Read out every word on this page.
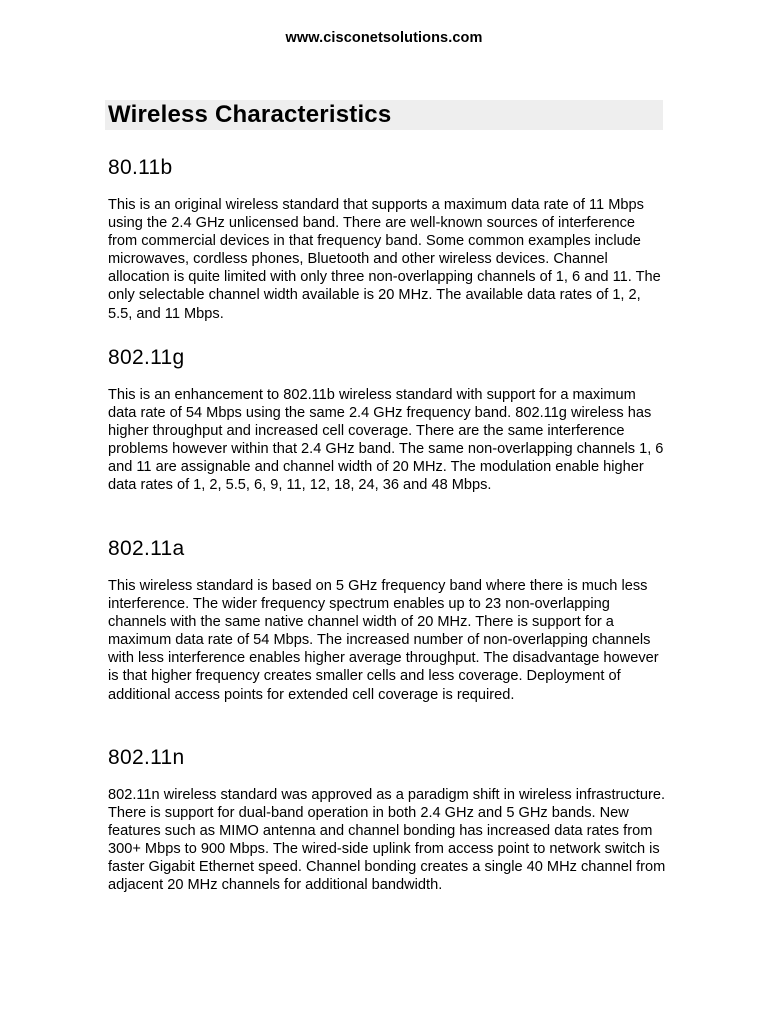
www.cisconetsolutions.com
Wireless Characteristics
80.11b

This is an original wireless standard that supports a maximum data rate of 11 Mbps using the 2.4 GHz unlicensed band. There are well-known sources of interference from commercial devices in that frequency band. Some common examples include microwaves, cordless phones, Bluetooth and other wireless devices. Channel allocation is quite limited with only three non-overlapping channels of 1, 6 and 11. The only selectable channel width available is 20 MHz. The available data rates of 1, 2, 5.5, and 11 Mbps.

802.11g

This is an enhancement to 802.11b wireless standard with support for a maximum data rate of 54 Mbps using the same 2.4 GHz frequency band. 802.11g wireless has higher throughput and increased cell coverage. There are the same interference problems however within that 2.4 GHz band. The same non-overlapping channels 1, 6 and 11 are assignable and channel width of 20 MHz. The modulation enable higher data rates of 1, 2, 5.5, 6, 9, 11, 12, 18, 24, 36 and 48 Mbps.

802.11a

This wireless standard is based on 5 GHz frequency band where there is much less interference. The wider frequency spectrum enables up to 23 non-overlapping channels with the same native channel width of 20 MHz. There is support for a maximum data rate of 54 Mbps. The increased number of non-overlapping channels with less interference enables higher average throughput. The disadvantage however is that higher frequency creates smaller cells and less coverage. Deployment of additional access points for extended cell coverage is required.

802.11n

802.11n wireless standard was approved as a paradigm shift in wireless infrastructure. There is support for dual-band operation in both 2.4 GHz and 5 GHz bands. New features such as MIMO antenna and channel bonding has increased data rates from 300+ Mbps to 900 Mbps. The wired-side uplink from access point to network switch is faster Gigabit Ethernet speed. Channel bonding creates a single 40 MHz channel from adjacent 20 MHz channels for additional bandwidth.
